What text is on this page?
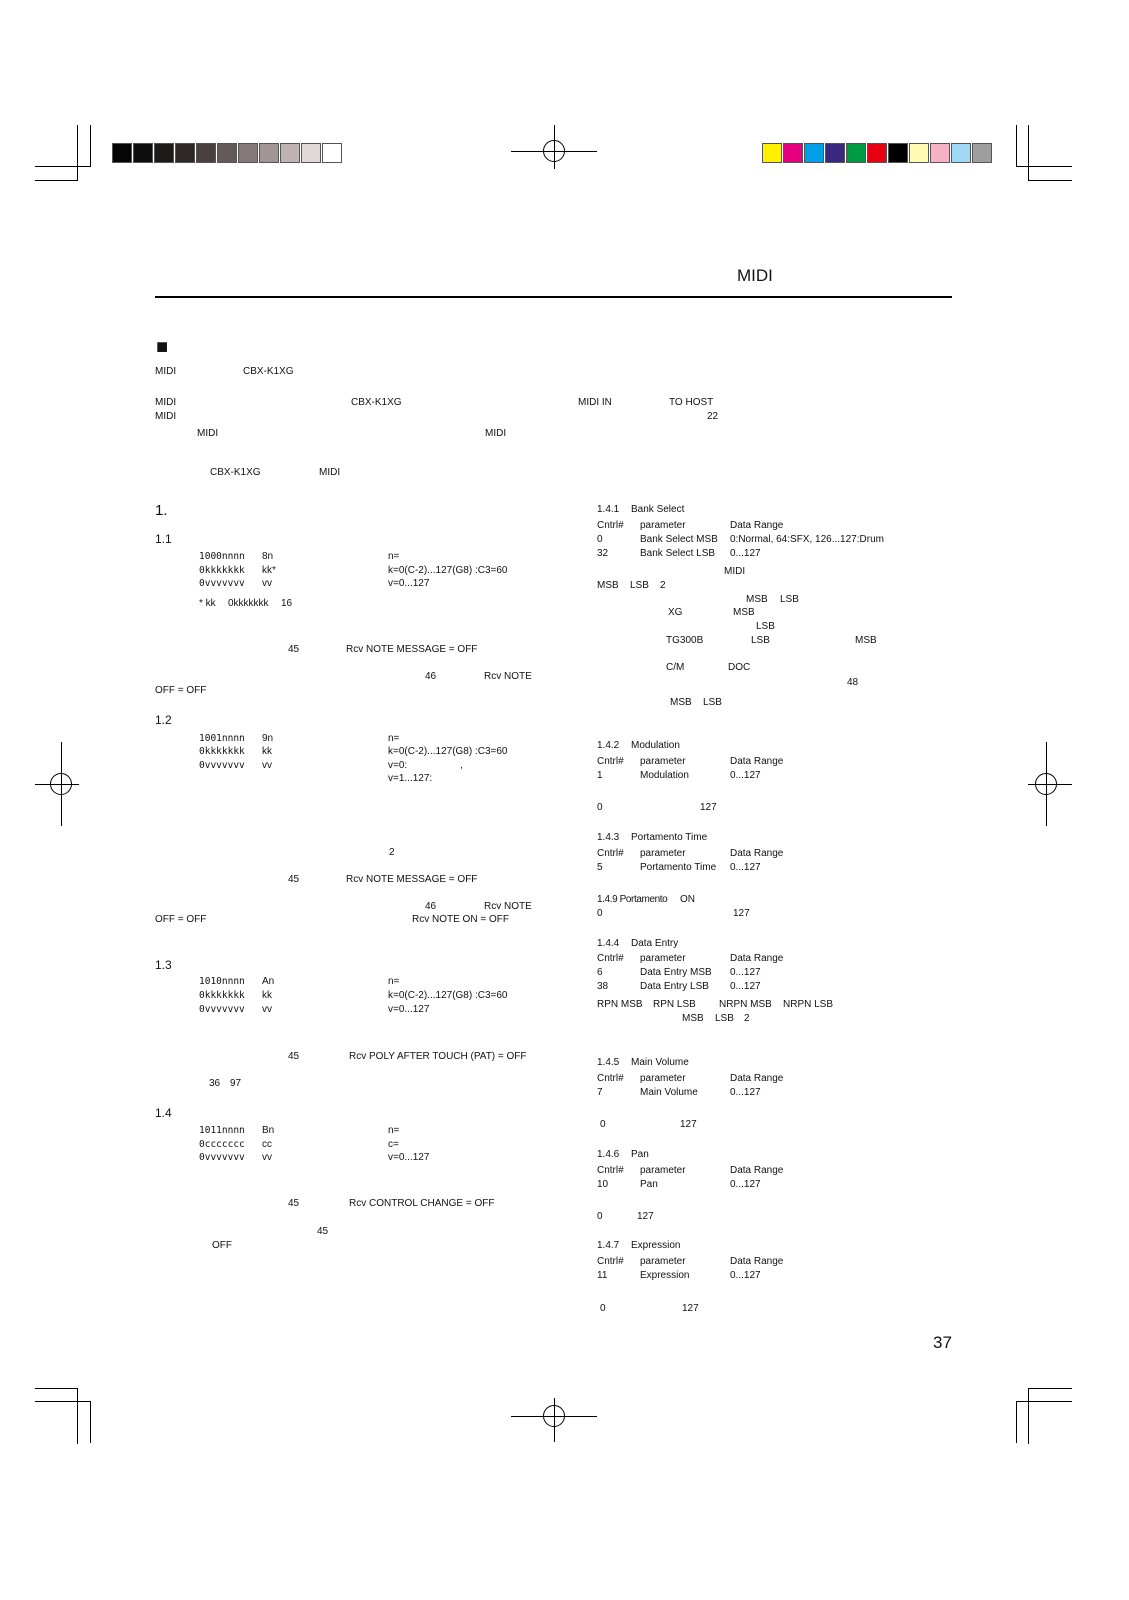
MIDI
■
MIDI	CBX-K1XG
MIDI	CBX-K1XG	MIDI IN	TO HOST
MIDI	22
MIDI	MIDI
CBX-K1XG	MIDI
1.
1.1
1000nnnn 8n	n=
0kkkkkkk kk*	k=0(C-2)...127(G8) :C3=60
0vvvvvvv vv	v=0...127
* kk 0kkkkkkk 16
45	Rcv NOTE MESSAGE = OFF
46	Rcv NOTE
OFF = OFF
1.2
1001nnnn 9n	n=
0kkkkkkk kk	k=0(C-2)...127(G8) :C3=60
0vvvvvvv vv	v=0:	,
v=1...127:
2
45	Rcv NOTE MESSAGE = OFF
46	Rcv NOTE
OFF = OFF	Rcv NOTE ON = OFF
1.3
1010nnnn An	n=
0kkkkkkk kk	k=0(C-2)...127(G8) :C3=60
0vvvvvvv vv	v=0...127
45	Rcv POLY AFTER TOUCH (PAT) = OFF
36 97
1.4
1011nnnn Bn	n=
0ccccccc cc	c=
0vvvvvvv vv	v=0...127
45	Rcv CONTROL CHANGE = OFF
45
OFF
1.4.1 Bank Select
Cntrl# parameter	Data Range
0	Bank Select MSB 0:Normal, 64:SFX, 126...127:Drum
32	Bank Select LSB 0...127
MIDI
MSB LSB 2
MSB LSB
XG	MSB
LSB
TG300B	LSB	MSB
C/M	DOC
48
MSB LSB
1.4.2 Modulation
Cntrl# parameter	Data Range
1	Modulation	0...127
0	127
1.4.3 Portamento Time
Cntrl# parameter	Data Range
5	Portamento Time 0...127
1.4.9 Portamento ON
0	127
1.4.4 Data Entry
Cntrl# parameter	Data Range
6	Data Entry MSB 0...127
38	Data Entry LSB 0...127
RPN MSB RPN LSB NRPN MSB NRPN LSB
MSB LSB 2
1.4.5 Main Volume
Cntrl# parameter	Data Range
7	Main Volume	0...127
0	127
1.4.6 Pan
Cntrl# parameter	Data Range
10	Pan	0...127
0	127
1.4.7 Expression
Cntrl# parameter	Data Range
11	Expression	0...127
0	127
37
